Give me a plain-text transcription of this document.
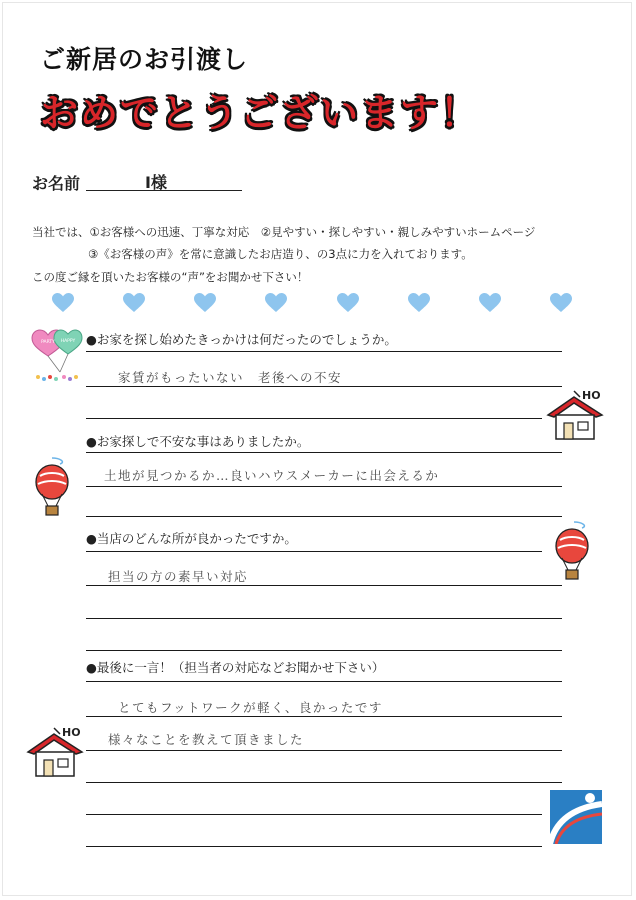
ご新居のお引渡し
おめでとうございます！
お名前	I様
当社では、①お客様への迅速、丁寧な対応　②見やすい・探しやすい・親しみやすいホームページ
③《お客様の声》を常に意識したお店造り、の3点に力を入れております。
この度ご縁を頂いたお客様の“声”をお聞かせ下さい！
●お家を探し始めたきっかけは何だったのでしょうか。
家賃がもったいない　老後への不安
●お家探しで不安な事はありましたか。
土地が見つかるか…良いハウスメーカーに出会えるか
●当店のどんな所が良かったですか。
担当の方の素早い対応
●最後に一言！（担当者の対応などお聞かせ下さい）
とてもフットワークが軽く、良かったです
様々なことを教えて頂きました
PARTY HAPPY
HO
HO
